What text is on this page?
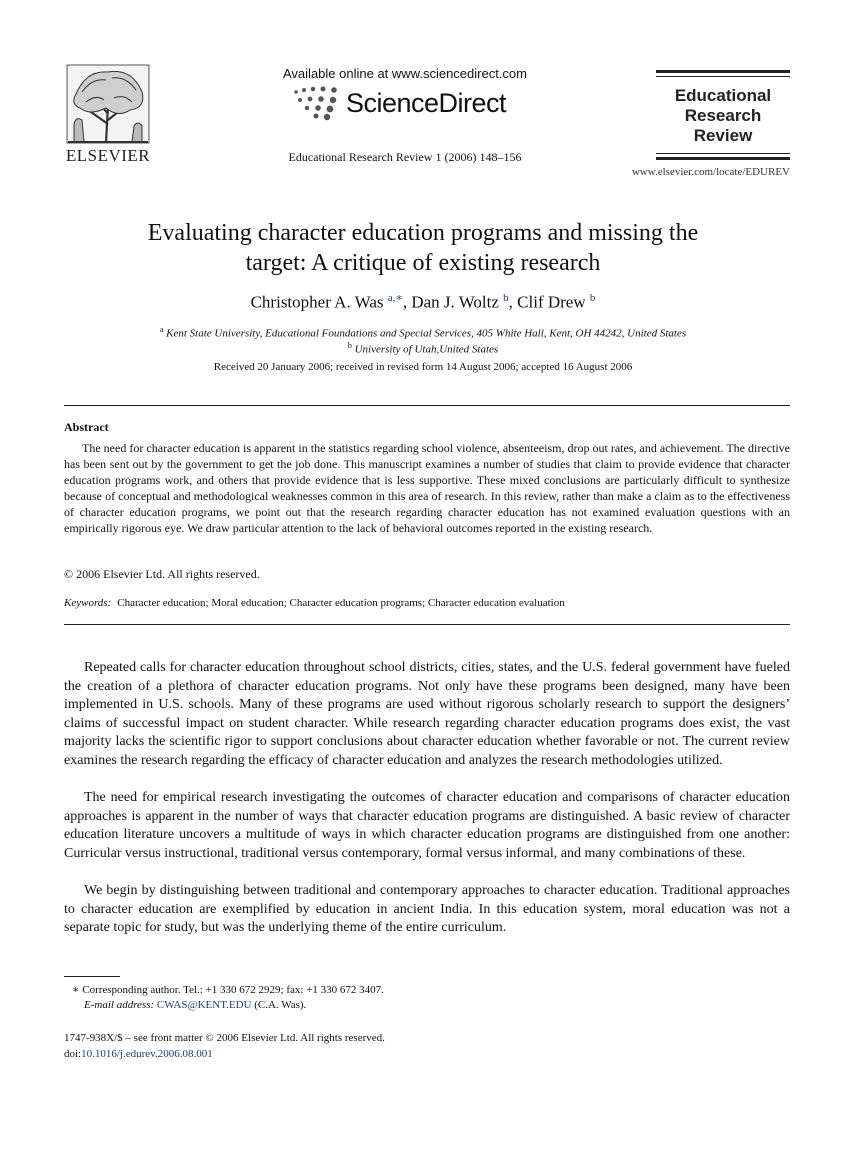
ELSEVIER
Available online at www.sciencedirect.com
ScienceDirect
Educational Research Review 1 (2006) 148–156
Educational
Research
Review
www.elsevier.com/locate/EDUREV
Evaluating character education programs and missing the
target: A critique of existing research
Christopher A. Was $^{a,∗}$, Dan J. Woltz $^b$, Clif Drew $^b$
$^a$ Kent State University, Educational Foundations and Special Services, 405 White Hall, Kent, OH 44242, United States
$^b$ University of Utah,United States
Received 20 January 2006; received in revised form 14 August 2006; accepted 16 August 2006
Abstract
The need for character education is apparent in the statistics regarding school violence, absenteeism, drop out rates, and achievement. The directive has been sent out by the government to get the job done. This manuscript examines a number of studies that claim to provide evidence that character education programs work, and others that provide evidence that is less supportive. These mixed conclusions are particularly difficult to synthesize because of conceptual and methodological weaknesses common in this area of research. In this review, rather than make a claim as to the effectiveness of character education programs, we point out that the research regarding character education has not examined evaluation questions with an empirically rigorous eye. We draw particular attention to the lack of behavioral outcomes reported in the existing research.
© 2006 Elsevier Ltd. All rights reserved.
Keywords: Character education; Moral education; Character education programs; Character education evaluation
Repeated calls for character education throughout school districts, cities, states, and the U.S. federal government have fueled the creation of a plethora of character education programs. Not only have these programs been designed, many have been implemented in U.S. schools. Many of these programs are used without rigorous scholarly research to support the designers’ claims of successful impact on student character. While research regarding character education programs does exist, the vast majority lacks the scientific rigor to support conclusions about character education whether favorable or not. The current review examines the research regarding the efficacy of character education and analyzes the research methodologies utilized.
The need for empirical research investigating the outcomes of character education and comparisons of character education approaches is apparent in the number of ways that character education programs are distinguished. A basic review of character education literature uncovers a multitude of ways in which character education programs are distinguished from one another: Curricular versus instructional, traditional versus contemporary, formal versus informal, and many combinations of these.
We begin by distinguishing between traditional and contemporary approaches to character education. Traditional approaches to character education are exemplified by education in ancient India. In this education system, moral education was not a separate topic for study, but was the underlying theme of the entire curriculum.
∗ Corresponding author. Tel.: +1 330 672 2929; fax: +1 330 672 3407.
E-mail address: CWAS@KENT.EDU (C.A. Was).
1747-938X/$ – see front matter © 2006 Elsevier Ltd. All rights reserved.
doi:10.1016/j.edurev.2006.08.001
